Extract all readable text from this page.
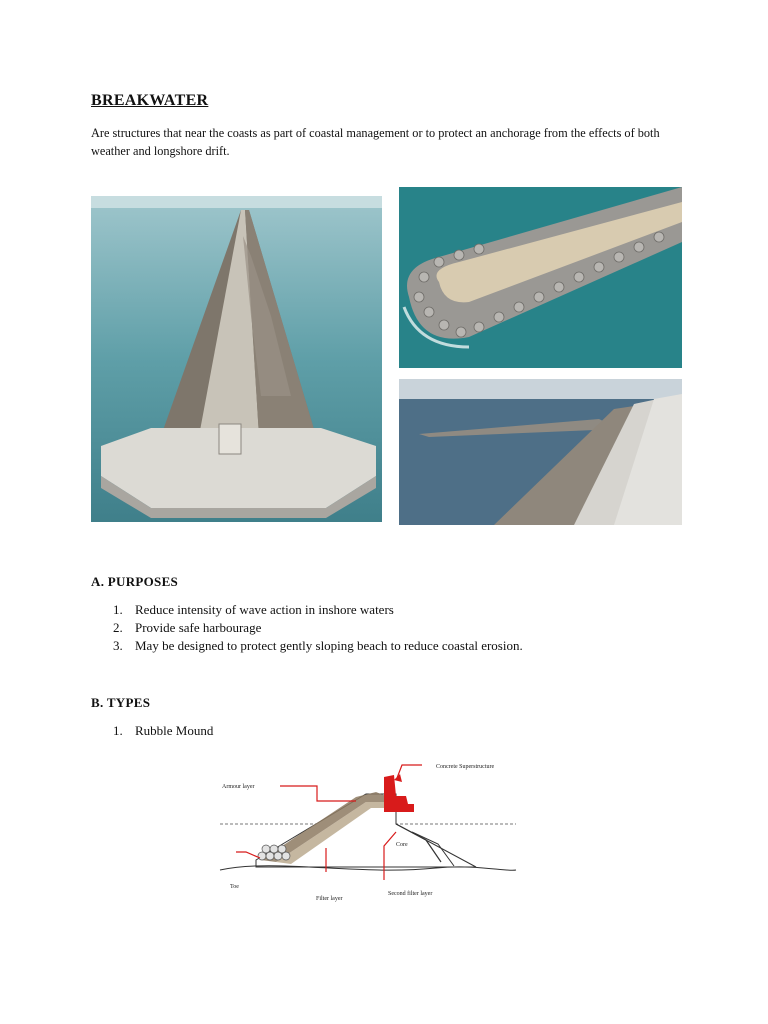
BREAKWATER
Are structures that near the coasts as part of coastal management or to protect an anchorage from the effects of both weather and longshore drift.
A. PURPOSES
1. Reduce intensity of wave action in inshore waters
2. Provide safe harbourage
3. May be designed to protect gently sloping beach to reduce coastal erosion.
B. TYPES
1. Rubble Mound
Concrete Superstructure
Armour layer
Core
Toe
Filter layer
Second filter layer
